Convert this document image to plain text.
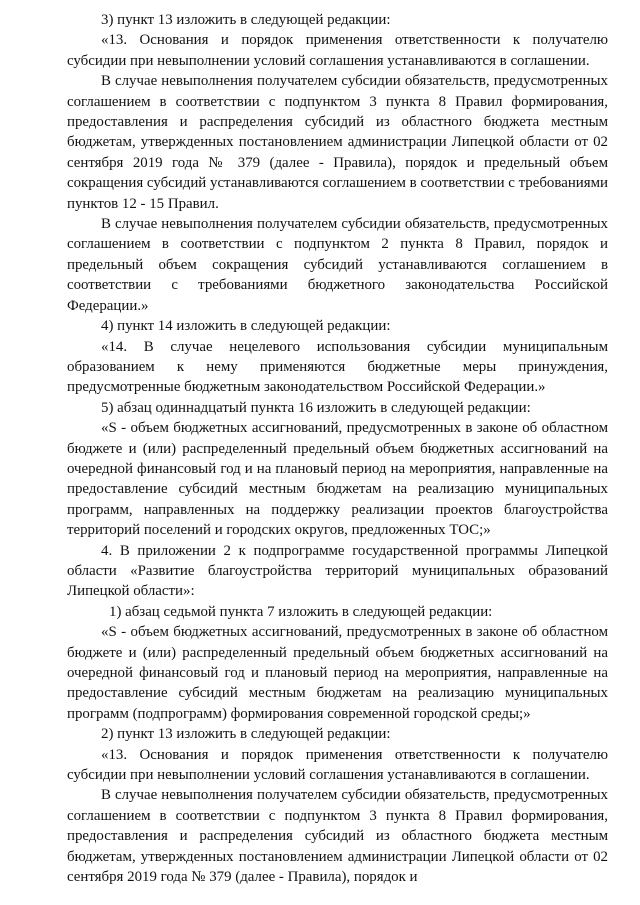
3) пункт 13 изложить в следующей редакции:

«13. Основания и порядок применения ответственности к получателю субсидии при невыполнении условий соглашения устанавливаются в соглашении.

В случае невыполнения получателем субсидии обязательств, предусмотренных соглашением в соответствии с подпунктом 3 пункта 8 Правил формирования, предоставления и распределения субсидий из областного бюджета местным бюджетам, утвержденных постановлением администрации Липецкой области от 02 сентября 2019 года № 379 (далее - Правила), порядок и предельный объем сокращения субсидий устанавливаются соглашением в соответствии с требованиями пунктов 12 - 15 Правил.

В случае невыполнения получателем субсидии обязательств, предусмотренных соглашением в соответствии с подпунктом 2 пункта 8 Правил, порядок и предельный объем сокращения субсидий устанавливаются соглашением в соответствии с требованиями бюджетного законодательства Российской Федерации.»

4) пункт 14 изложить в следующей редакции:

«14. В случае нецелевого использования субсидии муниципальным образованием к нему применяются бюджетные меры принуждения, предусмотренные бюджетным законодательством Российской Федерации.»

5) абзац одиннадцатый пункта 16 изложить в следующей редакции:

«S - объем бюджетных ассигнований, предусмотренных в законе об областном бюджете и (или) распределенный предельный объем бюджетных ассигнований на очередной финансовый год и на плановый период на мероприятия, направленные на предоставление субсидий местным бюджетам на реализацию муниципальных программ, направленных на поддержку реализации проектов благоустройства территорий поселений и городских округов, предложенных ТОС;»

4. В приложении 2 к подпрограмме государственной программы Липецкой области «Развитие благоустройства территорий муниципальных образований Липецкой области»:

1) абзац седьмой пункта 7 изложить в следующей редакции:

«S - объем бюджетных ассигнований, предусмотренных в законе об областном бюджете и (или) распределенный предельный объем бюджетных ассигнований на очередной финансовый год и плановый период на мероприятия, направленные на предоставление субсидий местным бюджетам на реализацию муниципальных программ (подпрограмм) формирования современной городской среды;»

2) пункт 13 изложить в следующей редакции:

«13. Основания и порядок применения ответственности к получателю субсидии при невыполнении условий соглашения устанавливаются в соглашении.

В случае невыполнения получателем субсидии обязательств, предусмотренных соглашением в соответствии с подпунктом 3 пункта 8 Правил формирования, предоставления и распределения субсидий из областного бюджета местным бюджетам, утвержденных постановлением администрации Липецкой области от 02 сентября 2019 года № 379 (далее - Правила), порядок и
